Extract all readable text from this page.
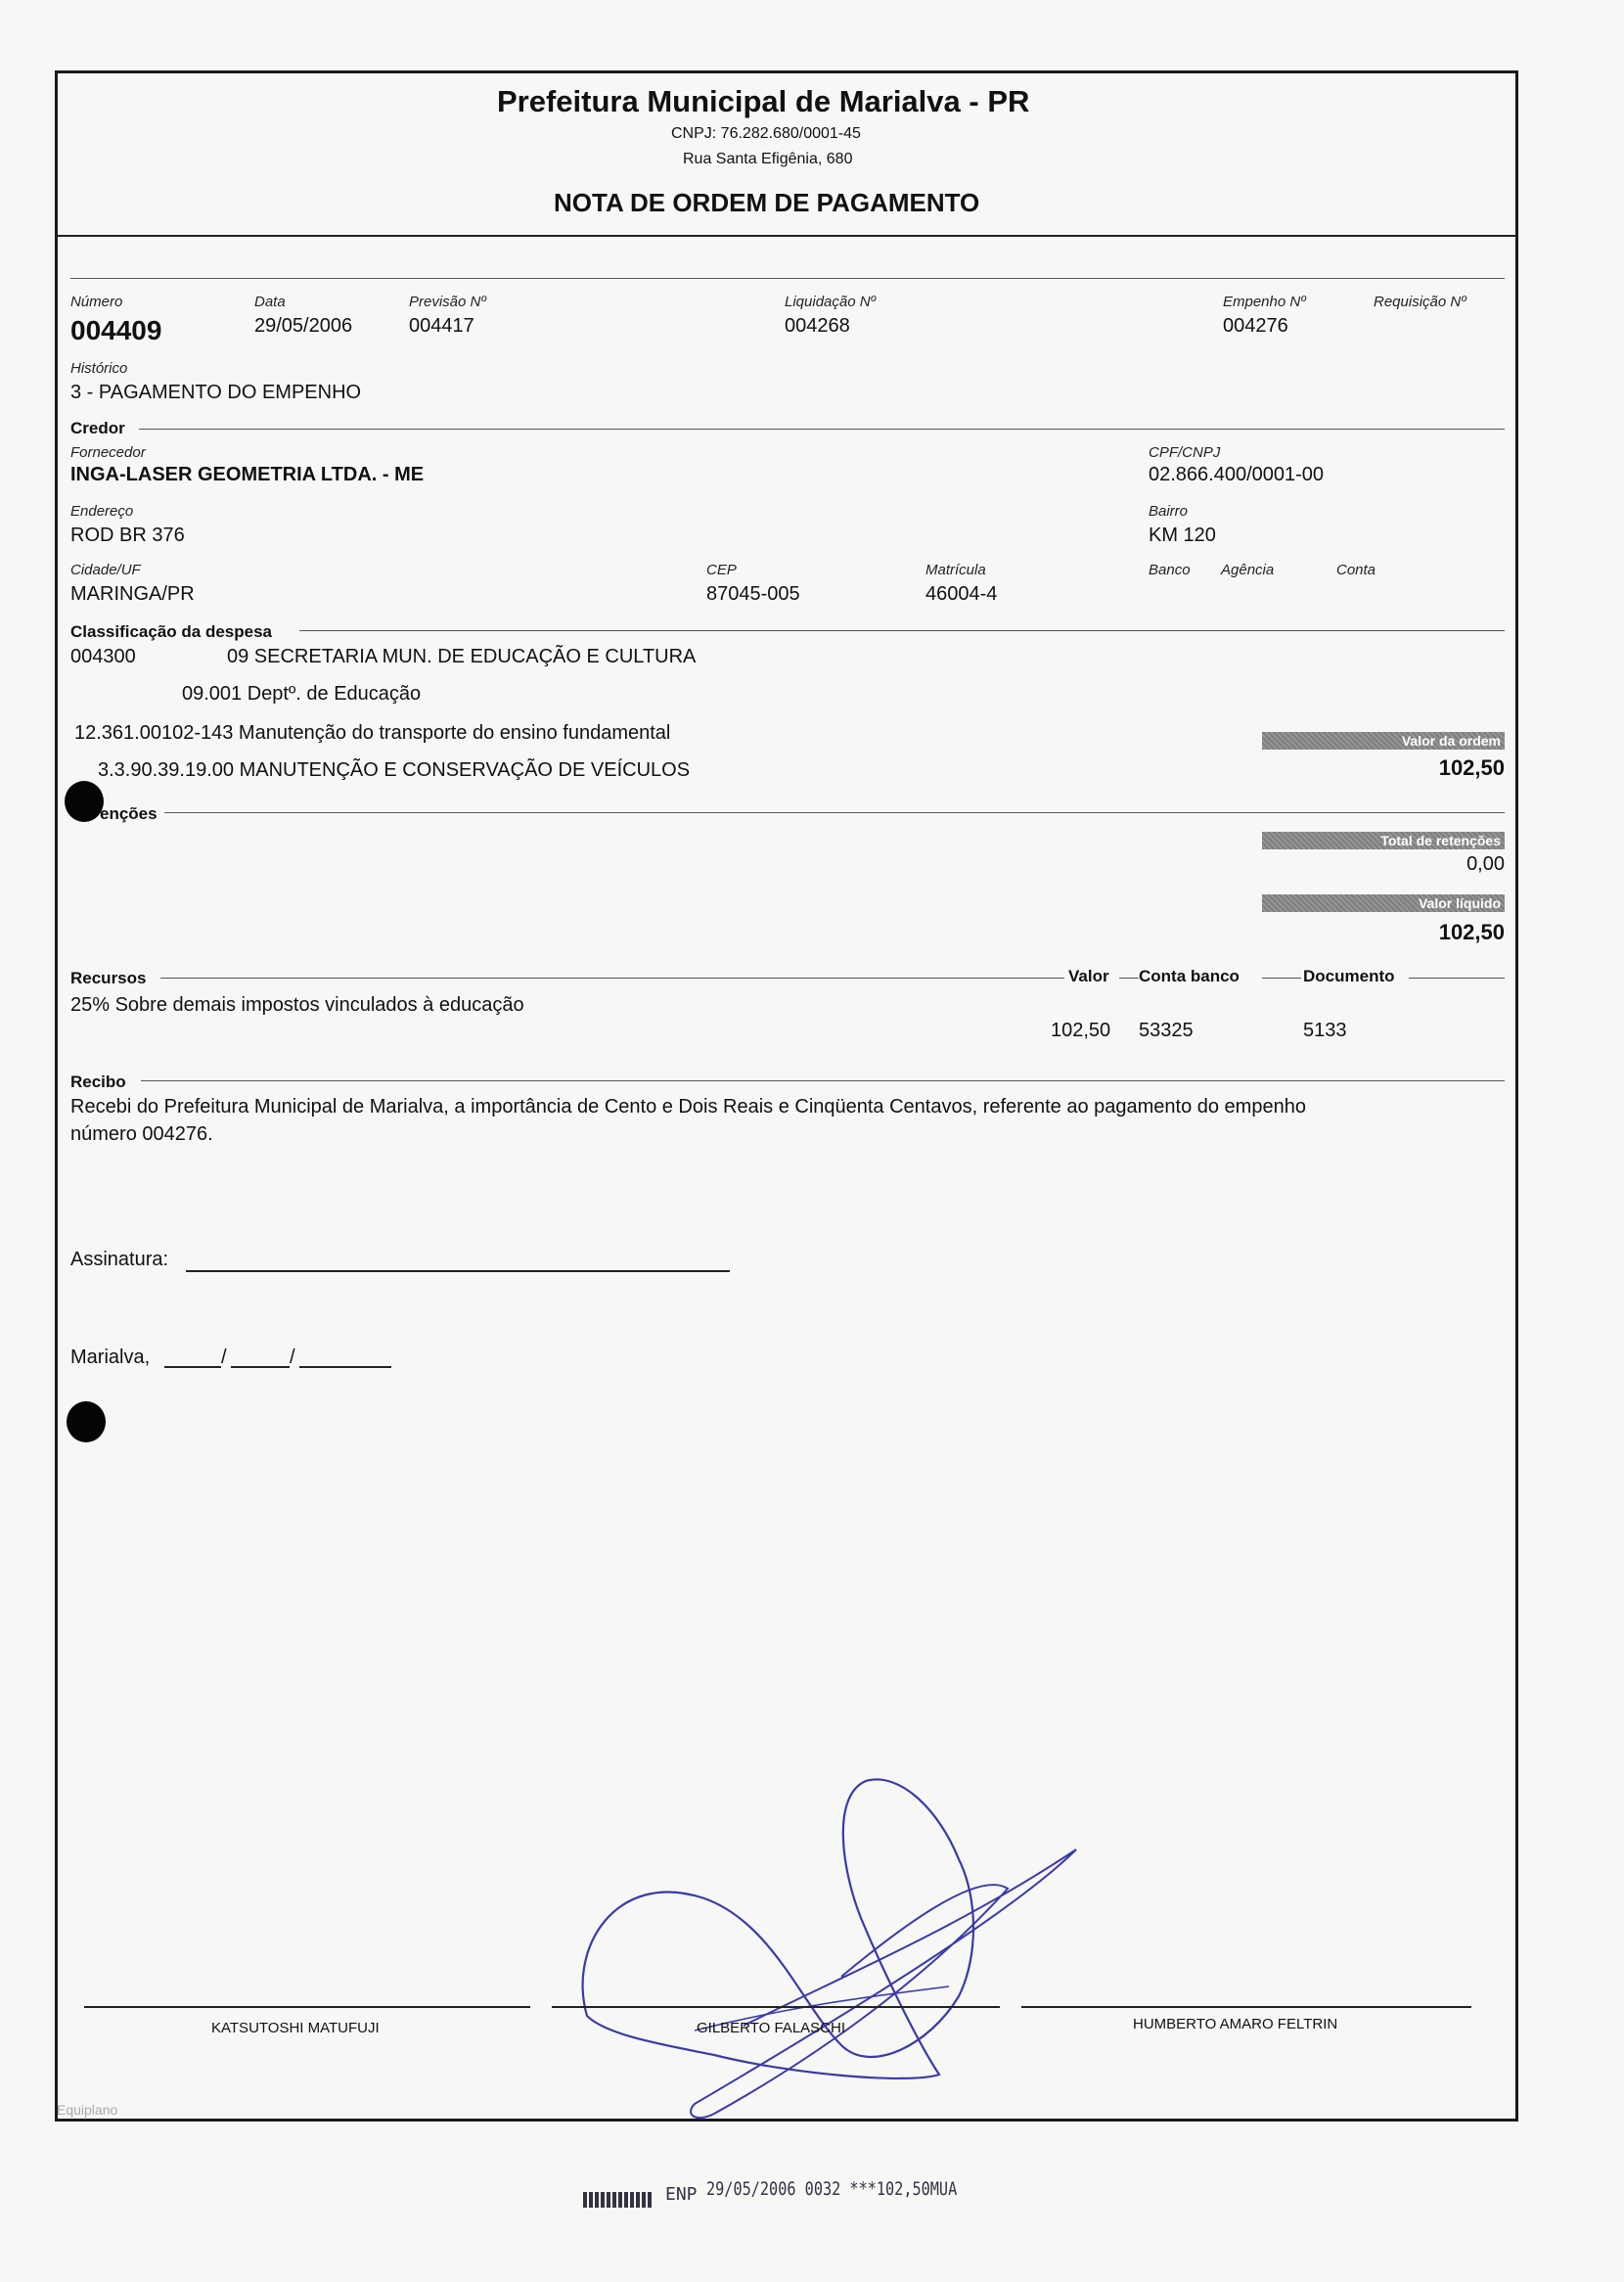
Prefeitura Municipal de Marialva - PR
CNPJ: 76.282.680/0001-45
Rua Santa Efigênia, 680
NOTA DE ORDEM DE PAGAMENTO
Número
004409
Data
29/05/2006
Previsão Nº
004417
Liquidação Nº
004268
Empenho Nº
004276
Requisição Nº
Histórico
3 - PAGAMENTO DO EMPENHO
Credor
Fornecedor
INGA-LASER GEOMETRIA LTDA. - ME
CPF/CNPJ
02.866.400/0001-00
Endereço
ROD BR 376
Bairro
KM 120
Cidade/UF
MARINGA/PR
CEP
87045-005
Matrícula
46004-4
Banco Agência	Conta
Classificação da despesa
004300	09 SECRETARIA MUN. DE EDUCAÇÃO E CULTURA
09.001 Deptº. de Educação
12.361.00102-143 Manutenção do transporte do ensino fundamental
3.3.90.39.19.00 MANUTENÇÃO E CONSERVAÇÃO DE VEÍCULOS
Valor da ordem
102,50
enções
Total de retenções
0,00
Valor líquido
102,50
Recursos	Valor Conta banco	Documento
25% Sobre demais impostos vinculados à educação
102,50 53325	5133
Recibo
Recebi do Prefeitura Municipal de Marialva, a importância de Cento e Dois Reais e Cinqüenta Centavos, referente ao pagamento do empenho
número 004276.
Assinatura:
Marialva,	/	/
KATSUTOSHI MATUFUJI	GILBERTO FALASCHI	HUMBERTO AMARO FELTRIN
Equiplano
ENP 29/05/2006 0032 ***102,50MUA
